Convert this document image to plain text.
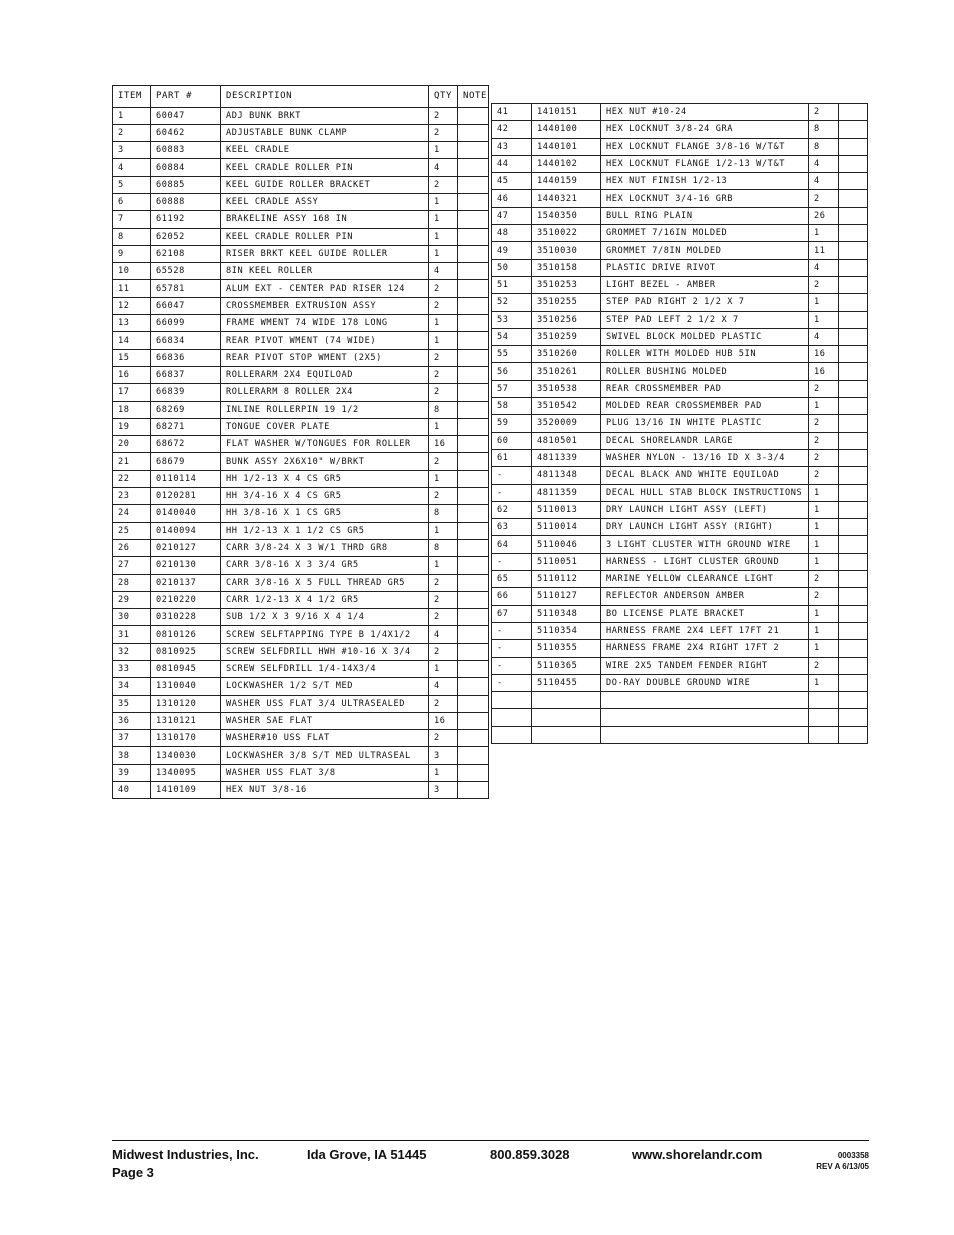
ITEM	PART #	DESCRIPTION	QTY	NOTE
1	60047	ADJ BUNK BRKT	2	
2	60462	ADJUSTABLE BUNK CLAMP	2	
3	60883	KEEL CRADLE	1	
4	60884	KEEL CRADLE ROLLER PIN	4	
5	60885	KEEL GUIDE ROLLER BRACKET	2	
6	60888	KEEL CRADLE ASSY	1	
7	61192	BRAKELINE ASSY 168 IN	1	
8	62052	KEEL CRADLE ROLLER PIN	1	
9	62108	RISER BRKT KEEL GUIDE ROLLER	1	
10	65528	8IN KEEL ROLLER	4	
11	65781	ALUM EXT - CENTER PAD RISER 124	2	
12	66047	CROSSMEMBER EXTRUSION ASSY	2	
13	66099	FRAME WMENT 74 WIDE 178 LONG	1	
14	66834	REAR PIVOT WMENT (74 WIDE)	1	
15	66836	REAR PIVOT STOP WMENT (2X5)	2	
16	66837	ROLLERARM 2X4 EQUILOAD	2	
17	66839	ROLLERARM 8 ROLLER 2X4	2	
18	68269	INLINE ROLLERPIN 19 1/2	8	
19	68271	TONGUE COVER PLATE	1	
20	68672	FLAT WASHER W/TONGUES FOR ROLLER	16	
21	68679	BUNK ASSY 2X6X10" W/BRKT	2	
22	0110114	HH 1/2-13 X 4 CS GR5	1	
23	0120281	HH 3/4-16 X 4 CS GR5	2	
24	0140040	HH 3/8-16 X 1 CS GR5	8	
25	0140094	HH 1/2-13 X 1 1/2 CS GR5	1	
26	0210127	CARR 3/8-24 X 3 W/1 THRD GR8	8	
27	0210130	CARR 3/8-16 X 3 3/4 GR5	1	
28	0210137	CARR 3/8-16 X 5 FULL THREAD GR5	2	
29	0210220	CARR 1/2-13 X 4 1/2 GR5	2	
30	0310228	SUB 1/2 X 3 9/16 X 4 1/4	2	
31	0810126	SCREW SELFTAPPING TYPE B 1/4X1/2	4	
32	0810925	SCREW SELFDRILL HWH #10-16 X 3/4	2	
33	0810945	SCREW SELFDRILL 1/4-14X3/4	1	
34	1310040	LOCKWASHER 1/2 S/T MED	4	
35	1310120	WASHER USS FLAT 3/4 ULTRASEALED	2	
36	1310121	WASHER SAE FLAT	16	
37	1310170	WASHER#10 USS FLAT	2	
38	1340030	LOCKWASHER 3/8 S/T MED ULTRASEAL	3	
39	1340095	WASHER USS FLAT 3/8	1	
40	1410109	HEX NUT 3/8-16	3	
41	1410151	HEX NUT #10-24	2	
42	1440100	HEX LOCKNUT 3/8-24 GRA	8	
43	1440101	HEX LOCKNUT FLANGE 3/8-16 W/T&T	8	
44	1440102	HEX LOCKNUT FLANGE 1/2-13 W/T&T	4	
45	1440159	HEX NUT FINISH 1/2-13	4	
46	1440321	HEX LOCKNUT 3/4-16 GRB	2	
47	1540350	BULL RING PLAIN	26	
48	3510022	GROMMET 7/16IN MOLDED	1	
49	3510030	GROMMET 7/8IN MOLDED	11	
50	3510158	PLASTIC DRIVE RIVOT	4	
51	3510253	LIGHT BEZEL - AMBER	2	
52	3510255	STEP PAD RIGHT 2 1/2 X 7	1	
53	3510256	STEP PAD LEFT 2 1/2 X 7	1	
54	3510259	SWIVEL BLOCK MOLDED PLASTIC	4	
55	3510260	ROLLER WITH MOLDED HUB 5IN	16	
56	3510261	ROLLER BUSHING MOLDED	16	
57	3510538	REAR CROSSMEMBER PAD	2	
58	3510542	MOLDED REAR CROSSMEMBER PAD	1	
59	3520009	PLUG 13/16 IN WHITE PLASTIC	2	
60	4810501	DECAL SHORELANDR LARGE	2	
61	4811339	WASHER NYLON - 13/16 ID X 3-3/4	2	
-	4811348	DECAL BLACK AND WHITE EQUILOAD	2	
-	4811359	DECAL HULL STAB BLOCK INSTRUCTIONS	1	
62	5110013	DRY LAUNCH LIGHT ASSY (LEFT)	1	
63	5110014	DRY LAUNCH LIGHT ASSY (RIGHT)	1	
64	5110046	3 LIGHT CLUSTER WITH GROUND WIRE	1	
-	5110051	HARNESS - LIGHT CLUSTER GROUND	1	
65	5110112	MARINE YELLOW CLEARANCE LIGHT	2	
66	5110127	REFLECTOR ANDERSON AMBER	2	
67	5110348	BO LICENSE PLATE BRACKET	1	
-	5110354	HARNESS FRAME 2X4 LEFT 17FT 21	1	
-	5110355	HARNESS FRAME 2X4 RIGHT 17FT 2	1	
-	5110365	WIRE 2X5 TANDEM FENDER RIGHT	2	
-	5110455	DO-RAY DOUBLE GROUND WIRE	1	

Midwest Industries, Inc.
Page 3
Ida Grove, IA 51445	800.859.3028	www.shorelandr.com	0003358
REV A 6/13/05
